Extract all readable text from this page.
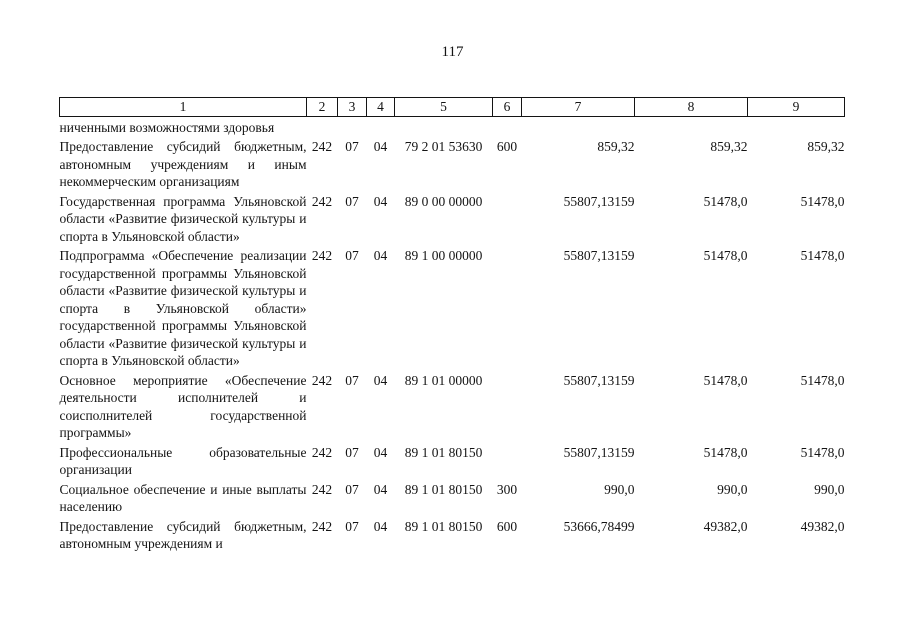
117
1	2	3	4	5	6	7	8	9
ниченными возможностями здоровья								
Предоставление субсидий бюджетным, автономным учреждениям и иным некоммерческим организациям	242	07	04	79 2 01 53630	600	859,32	859,32	859,32
Государственная программа Ульяновской области «Развитие физической культуры и спорта в Ульяновской области»	242	07	04	89 0 00 00000		55807,13159	51478,0	51478,0
Подпрограмма «Обеспечение реализации государственной программы Ульяновской области «Развитие физической культуры и спорта в Ульяновской области» государственной программы Ульяновской области «Развитие физической культуры и спорта в Ульяновской области»	242	07	04	89 1 00 00000		55807,13159	51478,0	51478,0
Основное мероприятие «Обеспечение деятельности исполнителей и соисполнителей государственной программы»	242	07	04	89 1 01 00000		55807,13159	51478,0	51478,0
Профессиональные образовательные организации	242	07	04	89 1 01 80150		55807,13159	51478,0	51478,0
Социальное обеспечение и иные выплаты населению	242	07	04	89 1 01 80150	300	990,0	990,0	990,0
Предоставление субсидий бюджетным, автономным учреждениям и	242	07	04	89 1 01 80150	600	53666,78499	49382,0	49382,0
